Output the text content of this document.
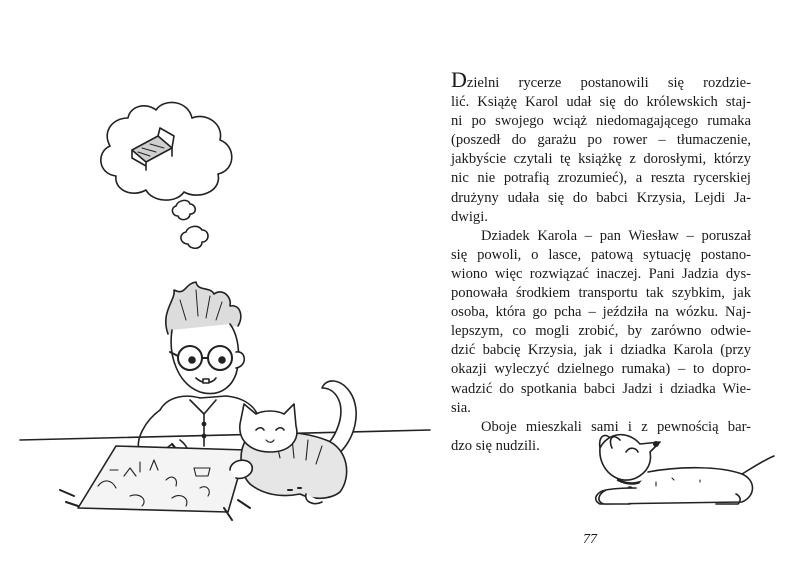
Dzielni rycerze postanowili się rozdzie-
lić. Książę Karol udał się do królewskich staj-
ni po swojego wciąż niedomagającego rumaka
(poszedł do garażu po rower – tłumaczenie,
jakbyście czytali tę książkę z dorosłymi, którzy
nic nie potrafią zrozumieć), a reszta rycerskiej
drużyny udała się do babci Krzysia, Lejdi Ja-
dwigi.

Dziadek Karola – pan Wiesław – poruszał
się powoli, o lasce, patową sytuację postano-
wiono więc rozwiązać inaczej. Pani Jadzia dys-
ponowała środkiem transportu tak szybkim, jak
osoba, która go pcha – jeździła na wózku. Naj-
lepszym, co mogli zrobić, by zarówno odwie-
dzić babcię Krzysia, jak i dziadka Karola (przy
okazji wyleczyć dzielnego rumaka) – to dopro-
wadzić do spotkania babci Jadzi i dziadka Wie-
sia.

Oboje mieszkali sami i z pewnością bar-
dzo się nudzili.

77
